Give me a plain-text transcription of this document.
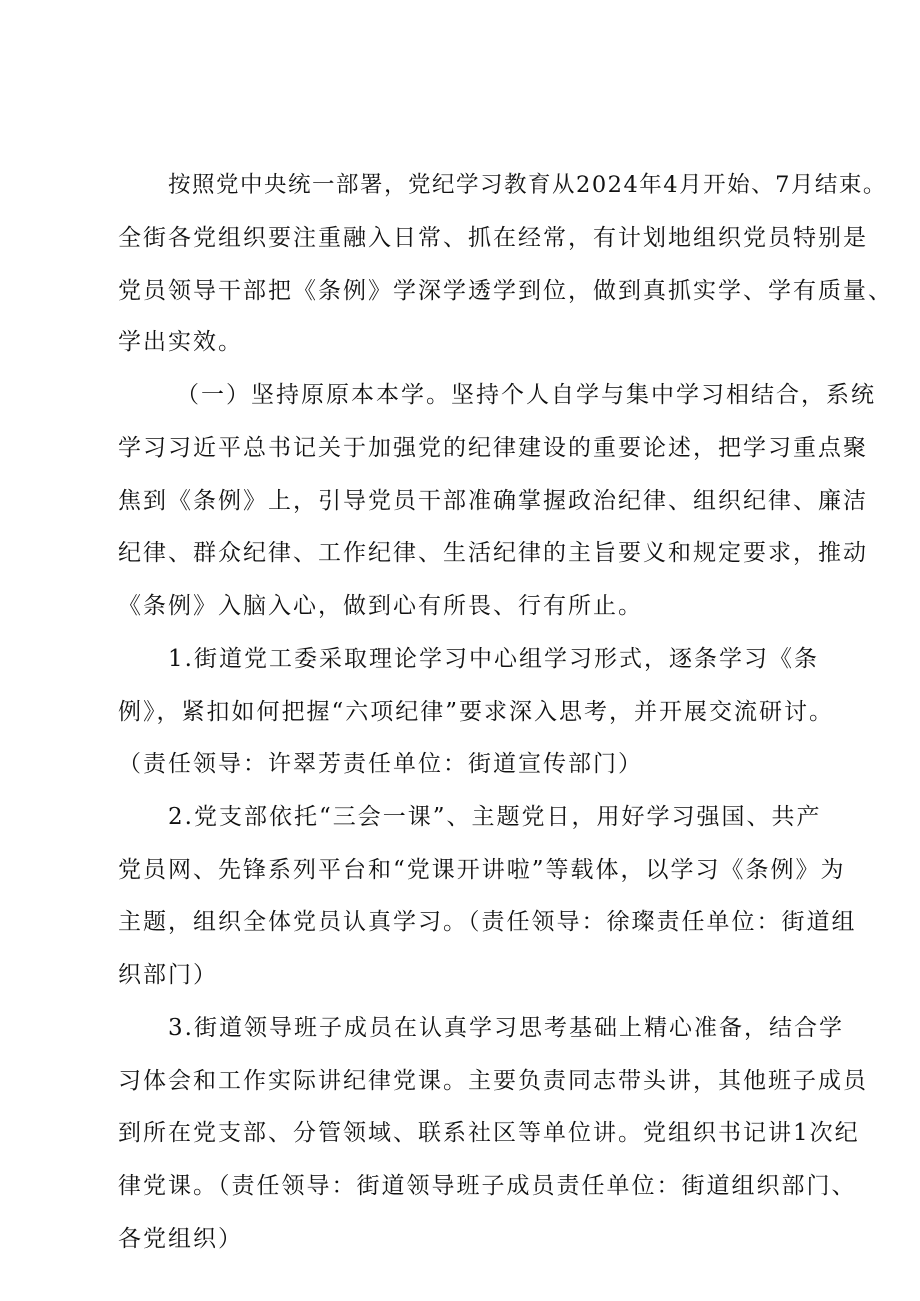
按照党中央统一部署，党纪学习教育从2024年4月开始、7月结束。
全街各党组织要注重融入日常、抓在经常，有计划地组织党员特别是
党员领导干部把《条例》学深学透学到位，做到真抓实学、学有质量、
学出实效。
（一）坚持原原本本学。坚持个人自学与集中学习相结合，系统
学习习近平总书记关于加强党的纪律建设的重要论述，把学习重点聚
焦到《条例》上，引导党员干部准确掌握政治纪律、组织纪律、廉洁
纪律、群众纪律、工作纪律、生活纪律的主旨要义和规定要求，推动
《条例》入脑入心，做到心有所畏、行有所止。
1.街道党工委采取理论学习中心组学习形式，逐条学习《条
例》，紧扣如何把握“六项纪律”要求深入思考，并开展交流研讨。
（责任领导：许翠芳责任单位：街道宣传部门）
2.党支部依托“三会一课”、主题党日，用好学习强国、共产
党员网、先锋系列平台和“党课开讲啦”等载体，以学习《条例》为
主题，组织全体党员认真学习。（责任领导：徐璨责任单位：街道组
织部门）
3.街道领导班子成员在认真学习思考基础上精心准备，结合学
习体会和工作实际讲纪律党课。主要负责同志带头讲，其他班子成员
到所在党支部、分管领域、联系社区等单位讲。党组织书记讲1次纪
律党课。（责任领导：街道领导班子成员责任单位：街道组织部门、
各党组织）
